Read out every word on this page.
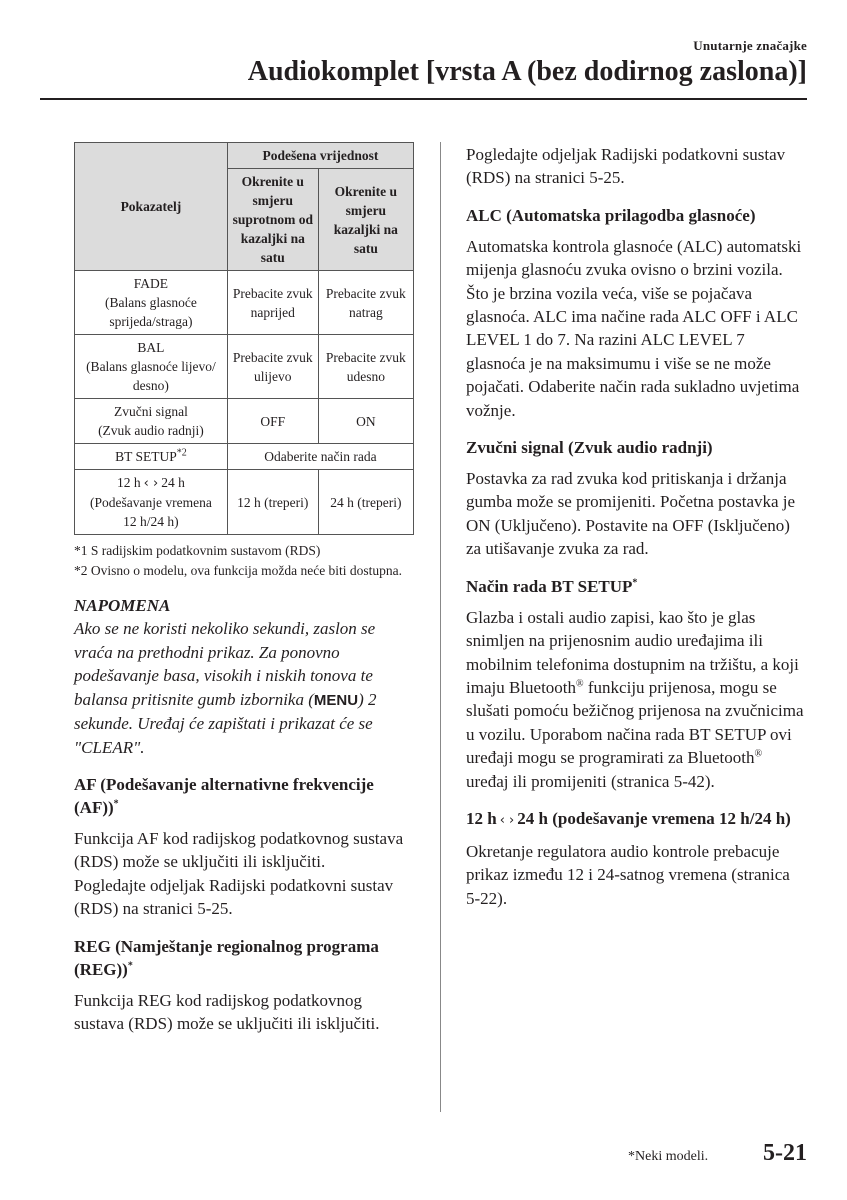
Unutarnje značajke
Audiokomplet [vrsta A (bez dodirnog zaslona)]
Pokazatelj	Podešena vrijednost	
	Okrenite u smjeru suprotnom od kazaljki na satu	Okrenite u smjeru kazaljki na satu
FADE
(Balans glasnoće
sprijeda/straga)	Prebacite zvuk naprijed	Prebacite zvuk natrag
BAL
(Balans glasnoće lijevo/
desno)	Prebacite zvuk ulijevo	Prebacite zvuk udesno
Zvučni signal
(Zvuk audio radnji)	OFF	ON
BT SETUP$^{*2}$	Odaberite način rada	
12 h ‹ › 24 h
(Podešavanje vremena
12 h/24 h)	12 h (treperi)	24 h (treperi)
*1 S radijskim podatkovnim sustavom (RDS)
*2 Ovisno o modelu, ova funkcija možda neće biti dostupna.
NAPOMENA
Ako se ne koristi nekoliko sekundi, zaslon se vraća na prethodni prikaz. Za ponovno podešavanje basa, visokih i niskih tonova te balansa pritisnite gumb izbornika (MENU) 2 sekunde. Uređaj će zapištati i prikazat će se "CLEAR".
AF (Podešavanje alternativne frekvencije (AF))*

Funkcija AF kod radijskog podatkovnog sustava (RDS) može se uključiti ili isključiti.

Pogledajte odjeljak Radijski podatkovni sustav (RDS) na stranici 5-25.

REG (Namještanje regionalnog programa (REG))*

Funkcija REG kod radijskog podatkovnog sustava (RDS) može se uključiti ili isključiti.

Pogledajte odjeljak Radijski podatkovni sustav (RDS) na stranici 5-25.

ALC (Automatska prilagodba glasnoće)

Automatska kontrola glasnoće (ALC) automatski mijenja glasnoću zvuka ovisno o brzini vozila. Što je brzina vozila veća, više se pojačava glasnoća. ALC ima načine rada ALC OFF i ALC LEVEL 1 do 7. Na razini ALC LEVEL 7 glasnoća je na maksimumu i više se ne može pojačati. Odaberite način rada sukladno uvjetima vožnje.

Zvučni signal (Zvuk audio radnji)

Postavka za rad zvuka kod pritiskanja i držanja gumba može se promijeniti. Početna postavka je ON (Uključeno). Postavite na OFF (Isključeno) za utišavanje zvuka za rad.

Način rada BT SETUP*

Glazba i ostali audio zapisi, kao što je glas snimljen na prijenosnim audio uređajima ili mobilnim telefonima dostupnim na tržištu, a koji imaju Bluetooth® funkciju prijenosa, mogu se slušati pomoću bežičnog prijenosa na zvučnicima u vozilu. Uporabom načina rada BT SETUP ovi uređaji mogu se programirati za Bluetooth® uređaj ili promijeniti (stranica 5-42).

12 h ‹ › 24 h (podešavanje vremena 12 h/24 h)

Okretanje regulatora audio kontrole prebacuje prikaz između 12 i 24-satnog vremena (stranica 5-22).

*Neki modeli. 5-21
